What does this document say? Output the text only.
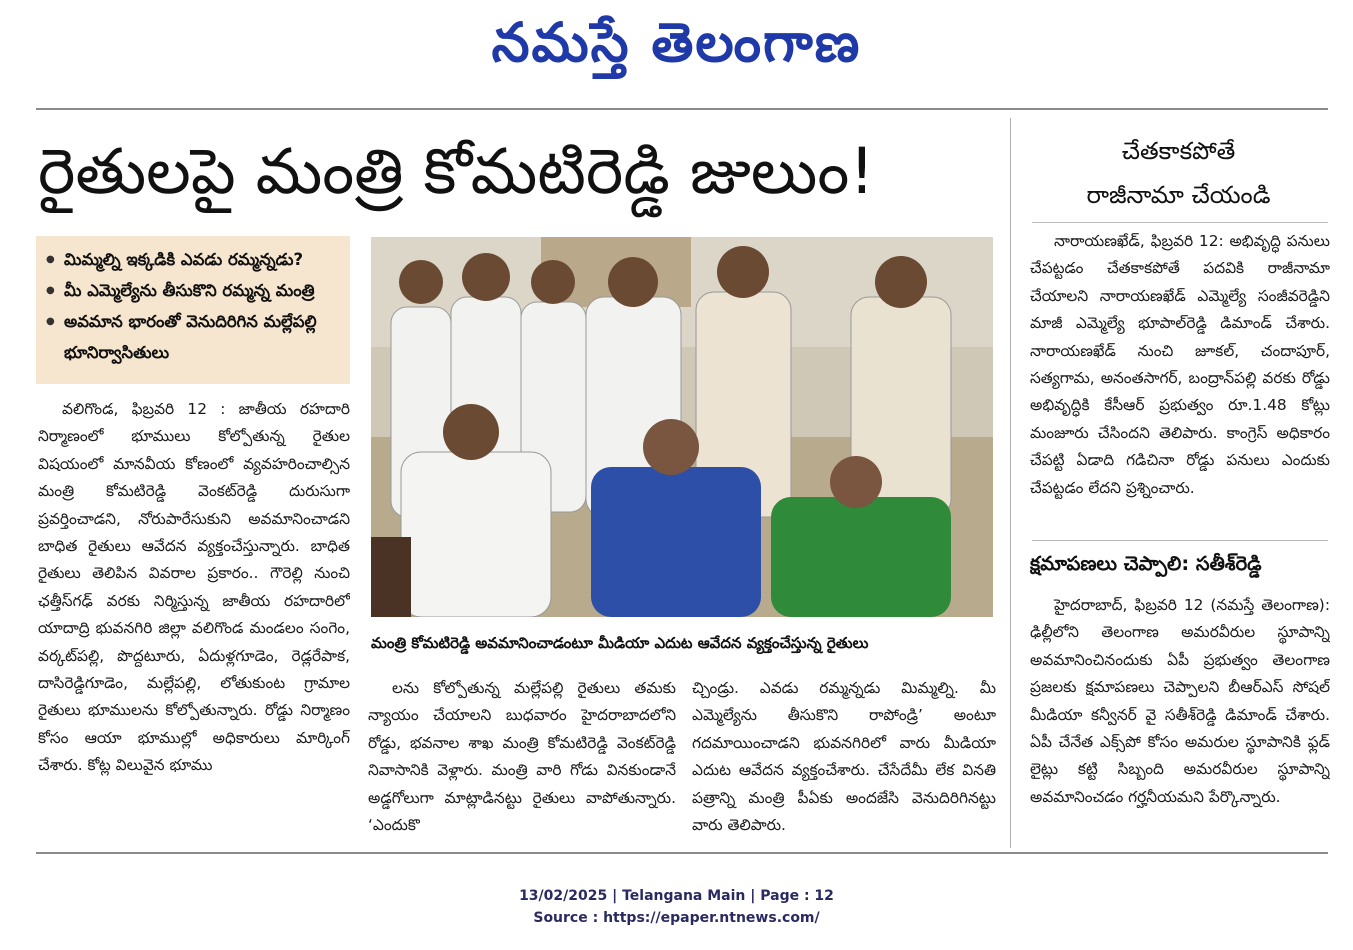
నమస్తే తెలంగాణ
రైతులపై మంత్రి కోమటిరెడ్డి జులుం!
● మిమ్మల్ని ఇక్కడికి ఎవడు రమ్మన్నడు?
● మీ ఎమ్మెల్యేను తీసుకొని రమ్మన్న మంత్రి
● అవమాన భారంతో వెనుదిరిగిన మల్లేపల్లి భూనిర్వాసితులు
వలిగొండ, ఫిబ్రవరి 12 : జాతీయ రహదారి నిర్మాణంలో భూములు కోల్పోతున్న రైతుల విషయంలో మానవీయ కోణంలో వ్యవహరించాల్సిన మంత్రి కోమటిరెడ్డి వెంకట్‌రెడ్డి దురుసుగా ప్రవర్తించాడని, నోరుపారేసుకుని అవమానించాడని బాధిత రైతులు ఆవేదన వ్యక్తంచేస్తున్నారు. బాధిత రైతులు తెలిపిన వివరాల ప్రకారం.. గౌరెల్లి నుంచి ఛత్తీస్‌గఢ్‌ వరకు నిర్మిస్తున్న జాతీయ రహదారిలో యాదాద్రి భువనగిరి జిల్లా వలిగొండ మండలం సంగెం, వర్కట్‌పల్లి, పొద్దటూరు, ఏదుళ్లగూడెం, రెడ్లరేపాక, దాసిరెడ్డిగూడెం, మల్లేపల్లి, లోతుకుంట గ్రామాల రైతులు భూములను కోల్పోతున్నారు. రోడ్డు నిర్మాణం కోసం ఆయా భూముల్లో అధికారులు మార్కింగ్‌ చేశారు. కోట్ల విలువైన భూము
మంత్రి కోమటిరెడ్డి అవమానించాడంటూ మీడియా ఎదుట ఆవేదన వ్యక్తంచేస్తున్న రైతులు
లను కోల్పోతున్న మల్లేపల్లి రైతులు తమకు న్యాయం చేయాలని బుధవారం హైదరాబాదలోని రోడ్డు, భవనాల శాఖ మంత్రి కోమటిరెడ్డి వెంకట్‌రెడ్డి నివాసానికి వెళ్లారు. మంత్రి వారి గోడు వినకుండానే అడ్డగోలుగా మాట్లాడినట్టు రైతులు వాపోతున్నారు. ‘ఎందుకొ
చ్చిండ్రు. ఎవడు రమ్మన్నడు మిమ్మల్ని. మీ ఎమ్మెల్యేను తీసుకొని రాపోండ్రి’ అంటూ గదమాయించాడని భువనగిరిలో వారు మీడియా ఎదుట ఆవేదన వ్యక్తంచేశారు. చేసేదేమీ లేక వినతి పత్రాన్ని మంత్రి పీఏకు అందజేసి వెనుదిరిగినట్టు వారు తెలిపారు.
చేతకాకపోతే
రాజీనామా చేయండి
నారాయణఖేడ్‌, ఫిబ్రవరి 12: అభివృద్ధి పనులు చేపట్టడం చేతకాకపోతే పదవికి రాజీనామా చేయాలని నారాయణఖేడ్‌ ఎమ్మెల్యే సంజీవరెడ్డిని మాజీ ఎమ్మెల్యే భూపాల్‌రెడ్డి డిమాండ్‌ చేశారు. నారాయణఖేడ్‌ నుంచి జూకల్‌, చందాపూర్‌, సత్యగామ, అనంతసాగర్‌, బంద్రాన్‌పల్లి వరకు రోడ్డు అభివృద్ధికి కేసీఆర్‌ ప్రభుత్వం రూ.1.48 కోట్లు మంజూరు చేసిందని తెలిపారు. కాంగ్రెస్‌ అధికారం చేపట్టి ఏడాది గడిచినా రోడ్డు పనులు ఎందుకు చేపట్టడం లేదని ప్రశ్నించారు.
క్షమాపణలు చెప్పాలి: సతీశ్‌రెడ్డి
హైదరాబాద్‌, ఫిబ్రవరి 12 (నమస్తే తెలంగాణ): ఢిల్లీలోని తెలంగాణ అమరవీరుల స్థూపాన్ని అవమానించినందుకు ఏపీ ప్రభుత్వం తెలంగాణ ప్రజలకు క్షమాపణలు చెప్పాలని బీఆర్‌ఎస్‌ సోషల్‌ మీడియా కన్వీనర్‌ వై సతీశ్‌రెడ్డి డిమాండ్‌ చేశారు. ఏపీ చేనేత ఎక్స్‌పో కోసం అమరుల స్థూపానికి ఫ్లడ్‌ లైట్లు కట్టి సిబ్బంది అమరవీరుల స్థూపాన్ని అవమానించడం గర్హనీయమని పేర్కొన్నారు.
13/02/2025 | Telangana Main | Page : 12
Source : https://epaper.ntnews.com/
